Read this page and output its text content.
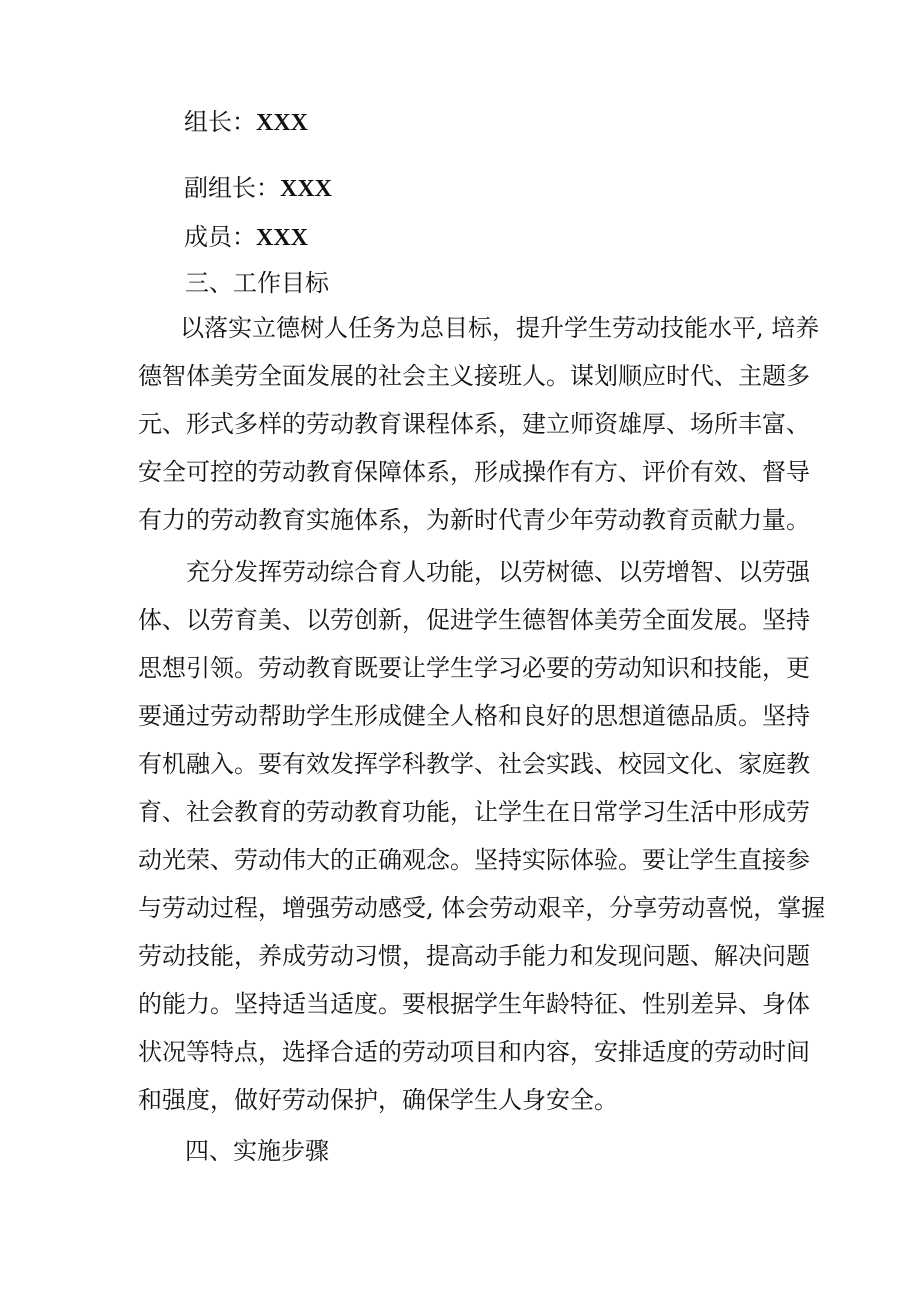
组长：XXX
副组长：XXX
成员：XXX
三、工作目标
以落实立德树人任务为总目标，提升学生劳动技能水平, 培养
德智体美劳全面发展的社会主义接班人。谋划顺应时代、主题多
元、形式多样的劳动教育课程体系，建立师资雄厚、场所丰富、
安全可控的劳动教育保障体系，形成操作有方、评价有效、督导
有力的劳动教育实施体系，为新时代青少年劳动教育贡献力量。
充分发挥劳动综合育人功能，以劳树德、以劳增智、以劳强
体、以劳育美、以劳创新，促进学生德智体美劳全面发展。坚持
思想引领。劳动教育既要让学生学习必要的劳动知识和技能，更
要通过劳动帮助学生形成健全人格和良好的思想道德品质。坚持
有机融入。要有效发挥学科教学、社会实践、校园文化、家庭教
育、社会教育的劳动教育功能，让学生在日常学习生活中形成劳
动光荣、劳动伟大的正确观念。坚持实际体验。要让学生直接参
与劳动过程，增强劳动感受, 体会劳动艰辛，分享劳动喜悦，掌握
劳动技能，养成劳动习惯，提高动手能力和发现问题、解决问题
的能力。坚持适当适度。要根据学生年龄特征、性别差异、身体
状况等特点，选择合适的劳动项目和内容，安排适度的劳动时间
和强度，做好劳动保护，确保学生人身安全。
四、实施步骤
